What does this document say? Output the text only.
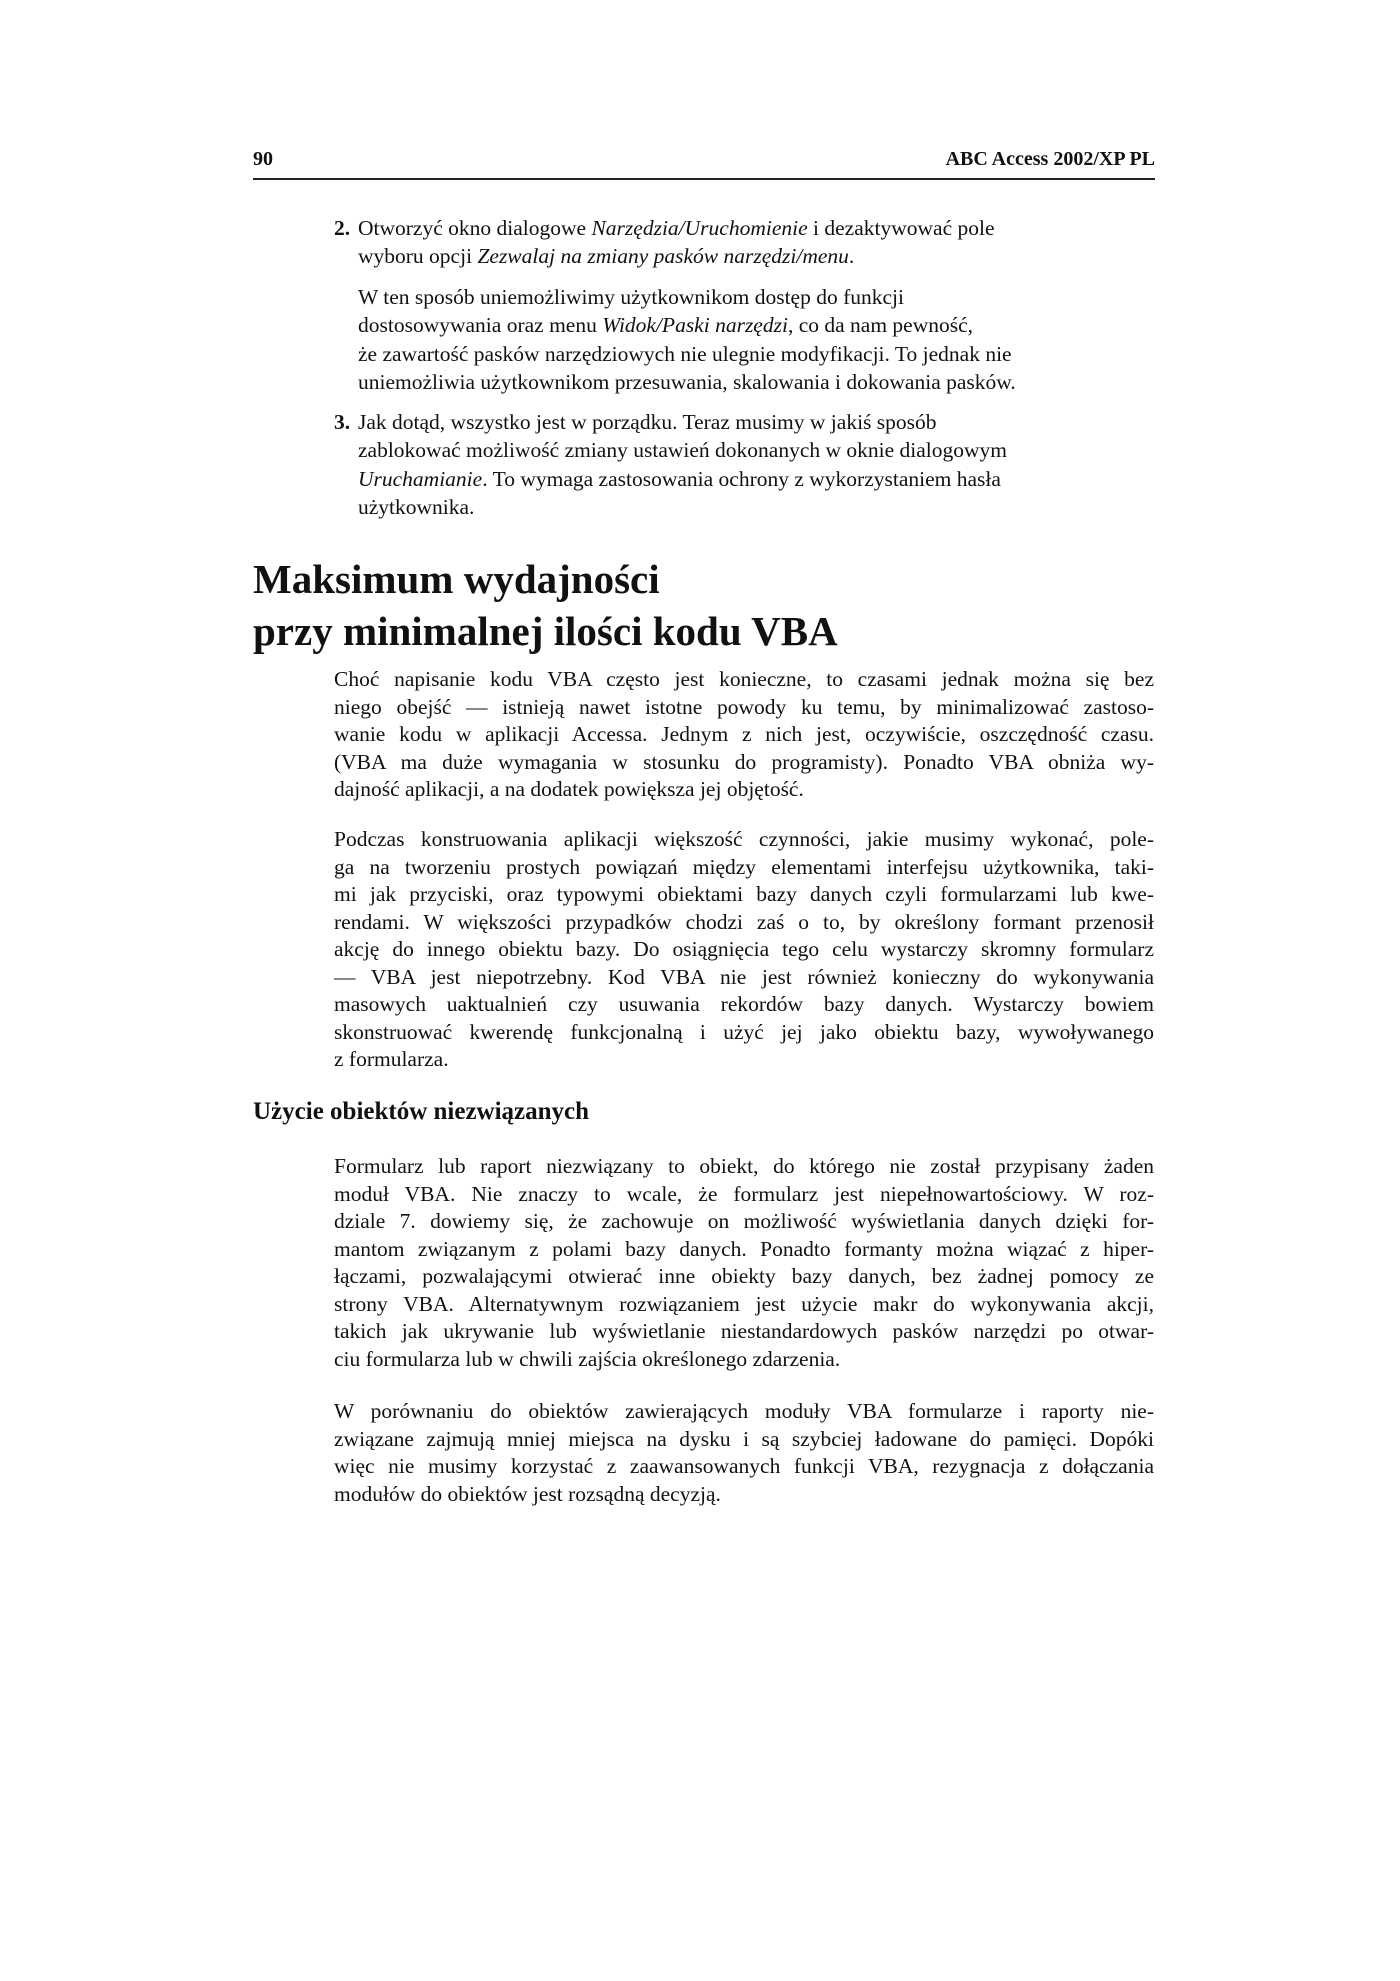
90	ABC Access 2002/XP PL
2. Otworzyć okno dialogowe Narzędzia/Uruchomienie i dezaktywować pole
wyboru opcji Zezwalaj na zmiany pasków narzędzi/menu.

W ten sposób uniemożliwimy użytkownikom dostęp do funkcji
dostosowywania oraz menu Widok/Paski narzędzi, co da nam pewność,
że zawartość pasków narzędziowych nie ulegnie modyfikacji. To jednak nie
uniemożliwia użytkownikom przesuwania, skalowania i dokowania pasków.

3. Jak dotąd, wszystko jest w porządku. Teraz musimy w jakiś sposób
zablokować możliwość zmiany ustawień dokonanych w oknie dialogowym
Uruchamianie. To wymaga zastosowania ochrony z wykorzystaniem hasła
użytkownika.

Maksimum wydajności
przy minimalnej ilości kodu VBA

Choć napisanie kodu VBA często jest konieczne, to czasami jednak można się bez
niego obejść — istnieją nawet istotne powody ku temu, by minimalizować zastoso-
wanie kodu w aplikacji Accessa. Jednym z nich jest, oczywiście, oszczędność czasu.
(VBA ma duże wymagania w stosunku do programisty). Ponadto VBA obniża wy-
dajność aplikacji, a na dodatek powiększa jej objętość.

Podczas konstruowania aplikacji większość czynności, jakie musimy wykonać, pole-
ga na tworzeniu prostych powiązań między elementami interfejsu użytkownika, taki-
mi jak przyciski, oraz typowymi obiektami bazy danych czyli formularzami lub kwe-
rendami. W większości przypadków chodzi zaś o to, by określony formant przenosił
akcję do innego obiektu bazy. Do osiągnięcia tego celu wystarczy skromny formularz
— VBA jest niepotrzebny. Kod VBA nie jest również konieczny do wykonywania
masowych uaktualnień czy usuwania rekordów bazy danych. Wystarczy bowiem
skonstruować kwerendę funkcjonalną i użyć jej jako obiektu bazy, wywoływanego
z formularza.

Użycie obiektów niezwiązanych

Formularz lub raport niezwiązany to obiekt, do którego nie został przypisany żaden
moduł VBA. Nie znaczy to wcale, że formularz jest niepełnowartościowy. W roz-
dziale 7. dowiemy się, że zachowuje on możliwość wyświetlania danych dzięki for-
mantom związanym z polami bazy danych. Ponadto formanty można wiązać z hiper-
łączami, pozwalającymi otwierać inne obiekty bazy danych, bez żadnej pomocy ze
strony VBA. Alternatywnym rozwiązaniem jest użycie makr do wykonywania akcji,
takich jak ukrywanie lub wyświetlanie niestandardowych pasków narzędzi po otwar-
ciu formularza lub w chwili zajścia określonego zdarzenia.

W porównaniu do obiektów zawierających moduły VBA formularze i raporty nie-
związane zajmują mniej miejsca na dysku i są szybciej ładowane do pamięci. Dopóki
więc nie musimy korzystać z zaawansowanych funkcji VBA, rezygnacja z dołączania
modułów do obiektów jest rozsądną decyzją.
